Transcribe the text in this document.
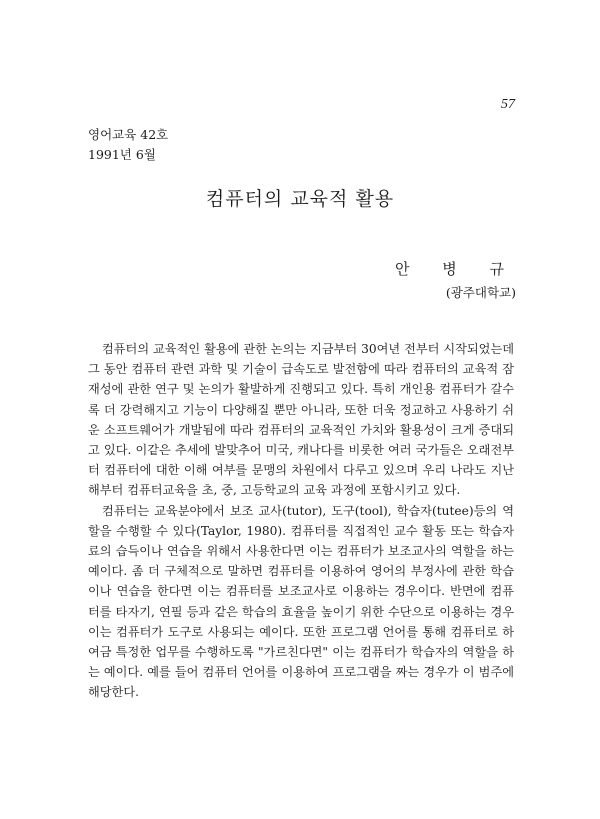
57
영어교육 42호
1991년 6월
컴퓨터의 교육적 활용
안 병 규
(광주대학교)

컴퓨터의 교육적인 활용에 관한 논의는 지금부터 30여년 전부터 시작되었는데 그 동안 컴퓨터 관련 과학 및 기술이 급속도로 발전함에 따라 컴퓨터의 교육적 잠재성에 관한 연구 및 논의가 활발하게 진행되고 있다. 특히 개인용 컴퓨터가 갈수록 더 강력해지고 기능이 다양해질 뿐만 아니라, 또한 더욱 정교하고 사용하기 쉬운 소프트웨어가 개발됨에 따라 컴퓨터의 교육적인 가치와 활용성이 크게 증대되고 있다. 이같은 추세에 발맞추어 미국, 캐나다를 비롯한 여러 국가들은 오래전부터 컴퓨터에 대한 이해 여부를 문맹의 차원에서 다루고 있으며 우리 나라도 지난해부터 컴퓨터교육을 초, 중, 고등학교의 교육 과정에 포함시키고 있다.

컴퓨터는 교육분야에서 보조 교사(tutor), 도구(tool), 학습자(tutee)등의 역할을 수행할 수 있다(Taylor, 1980). 컴퓨터를 직접적인 교수 활동 또는 학습자료의 습득이나 연습을 위해서 사용한다면 이는 컴퓨터가 보조교사의 역할을 하는 예이다. 좀 더 구체적으로 말하면 컴퓨터를 이용하여 영어의 부정사에 관한 학습이나 연습을 한다면 이는 컴퓨터를 보조교사로 이용하는 경우이다. 반면에 컴퓨터를 타자기, 연필 등과 같은 학습의 효율을 높이기 위한 수단으로 이용하는 경우 이는 컴퓨터가 도구로 사용되는 예이다. 또한 프로그램 언어를 통해 컴퓨터로 하여금 특정한 업무를 수행하도록 "가르친다면" 이는 컴퓨터가 학습자의 역할을 하는 예이다. 예를 들어 컴퓨터 언어를 이용하여 프로그램을 짜는 경우가 이 범주에 해당한다.
